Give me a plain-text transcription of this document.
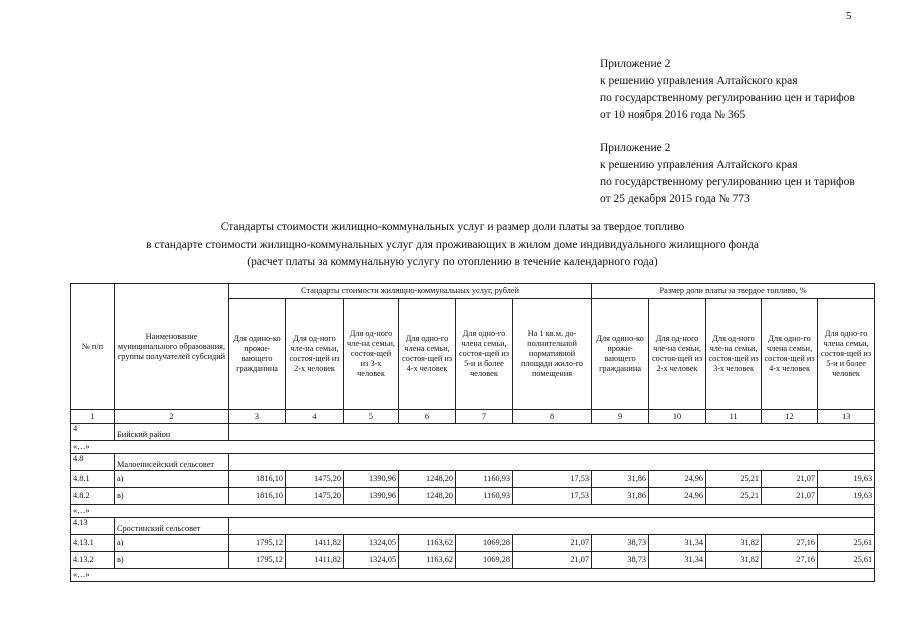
5
Приложение 2
к решению управления Алтайского края
по государственному регулированию цен и тарифов
от 10 ноября 2016 года № 365
Приложение 2
к решению управления Алтайского края
по государственному регулированию цен и тарифов
от 25 декабря 2015 года № 773
Стандарты стоимости жилищно-коммунальных услуг и размер доли платы за твердое топливо
в стандарте стоимости жилищно-коммунальных услуг для проживающих в жилом доме индивидуального жилищного фонда
(расчет платы за коммунальную услугу по отоплению в течение календарного года)
№ п/п	Наименование муниципального образования, группы получателей субсидий	Стандарты стоимости жилищно-коммунальных услуг, рублей						Размер доли платы за твердое топливо, %				
		Для одино-ко прожи-вающего гражданина	Для од-ного чле-на семьи, состоя-щей из 2-х человек	Для од-ного чле-на семьи, состоя-щей из 3-х человек	Для одно-го члена семьи, состоя-щей из 4-х человек	Для одно-го члена семьи, состоя-щей из 5-и и более человек	На 1 кв.м. до-полнительной нормативной площади жило-го помещения	Для одино-ко прожи-вающего гражданина	Для од-ного чле-на семьи, состоя-щей из 2-х человек	Для од-ного чле-на семьи, состоя-щей из 3-х человек	Для одно-го члена семьи, состоя-щей из 4-х человек	Для одно-го члена семьи, состоя-щей из 5-и и более человек
1	2	3	4	5	6	7	8	9	10	11	12	13
4	Бийский район											
«…»												
4.8	Малоенисейский сельсовет											
4.8.1	а)	1816,10	1475,20	1390,96	1248,20	1160,93	17,53	31,86	24,96	25,21	21,07	19,63
4.8.2	в)	1816,10	1475,20	1390,96	1248,20	1160,93	17,53	31,86	24,96	25,21	21,07	19,63
«…»												
4.13	Сростинский сельсовет											
4.13.1	а)	1795,12	1411,82	1324,05	1163,62	1069,28	21,07	38,73	31,34	31,82	27,16	25,61
4.13.2	в)	1795,12	1411,82	1324,05	1163,62	1069,28	21,07	38,73	31,34	31,82	27,16	25,61
«…»												
